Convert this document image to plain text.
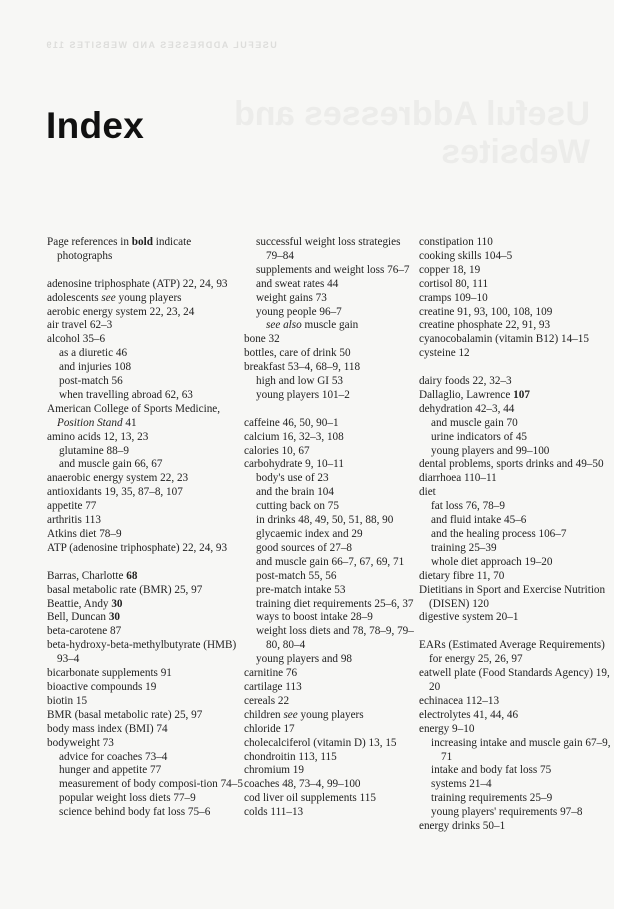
USEFUL ADDRESSES AND WEBSITES 119
Useful Addresses and Websites
Index
Page references in bold indicate photographs
adenosine triphosphate (ATP) 22, 24, 93
adolescents see young players
aerobic energy system 22, 23, 24
air travel 62–3
alcohol 35–6
as a diuretic 46
and injuries 108
post-match 56
when travelling abroad 62, 63
American College of Sports Medicine, Position Stand 41
amino acids 12, 13, 23
glutamine 88–9
and muscle gain 66, 67
anaerobic energy system 22, 23
antioxidants 19, 35, 87–8, 107
appetite 77
arthritis 113
Atkins diet 78–9
ATP (adenosine triphosphate) 22, 24, 93
Barras, Charlotte 68
basal metabolic rate (BMR) 25, 97
Beattie, Andy 30
Bell, Duncan 30
beta-carotene 87
beta-hydroxy-beta-methylbutyrate (HMB) 93–4
bicarbonate supplements 91
bioactive compounds 19
biotin 15
BMR (basal metabolic rate) 25, 97
body mass index (BMI) 74
bodyweight 73
advice for coaches 73–4
hunger and appetite 77
measurement of body composi-tion 74–5
popular weight loss diets 77–9
science behind body fat loss 75–6
successful weight loss strategies 79–84
supplements and weight loss 76–7
and sweat rates 44
weight gains 73
young people 96–7
see also muscle gain
bone 32
bottles, care of drink 50
breakfast 53–4, 68–9, 118
high and low GI 53
young players 101–2
caffeine 46, 50, 90–1
calcium 16, 32–3, 108
calories 10, 67
carbohydrate 9, 10–11
body's use of 23
and the brain 104
cutting back on 75
in drinks 48, 49, 50, 51, 88, 90
glycaemic index and 29
good sources of 27–8
and muscle gain 66–7, 67, 69, 71
post-match 55, 56
pre-match intake 53
training diet requirements 25–6, 37
ways to boost intake 28–9
weight loss diets and 78, 78–9, 79–80, 80–4
young players and 98
carnitine 76
cartilage 113
cereals 22
children see young players
chloride 17
cholecalciferol (vitamin D) 13, 15
chondroitin 113, 115
chromium 19
coaches 48, 73–4, 99–100
cod liver oil supplements 115
colds 111–13
constipation 110
cooking skills 104–5
copper 18, 19
cortisol 80, 111
cramps 109–10
creatine 91, 93, 100, 108, 109
creatine phosphate 22, 91, 93
cyanocobalamin (vitamin B12) 14–15
cysteine 12
dairy foods 22, 32–3
Dallaglio, Lawrence 107
dehydration 42–3, 44
and muscle gain 70
urine indicators of 45
young players and 99–100
dental problems, sports drinks and 49–50
diarrhoea 110–11
diet
fat loss 76, 78–9
and fluid intake 45–6
and the healing process 106–7
training 25–39
whole diet approach 19–20
dietary fibre 11, 70
Dietitians in Sport and Exercise Nutrition (DISEN) 120
digestive system 20–1
EARs (Estimated Average Requirements) for energy 25, 26, 97
eatwell plate (Food Standards Agency) 19, 20
echinacea 112–13
electrolytes 41, 44, 46
energy 9–10
increasing intake and muscle gain 67–9, 71
intake and body fat loss 75
systems 21–4
training requirements 25–9
young players' requirements 97–8
energy drinks 50–1
